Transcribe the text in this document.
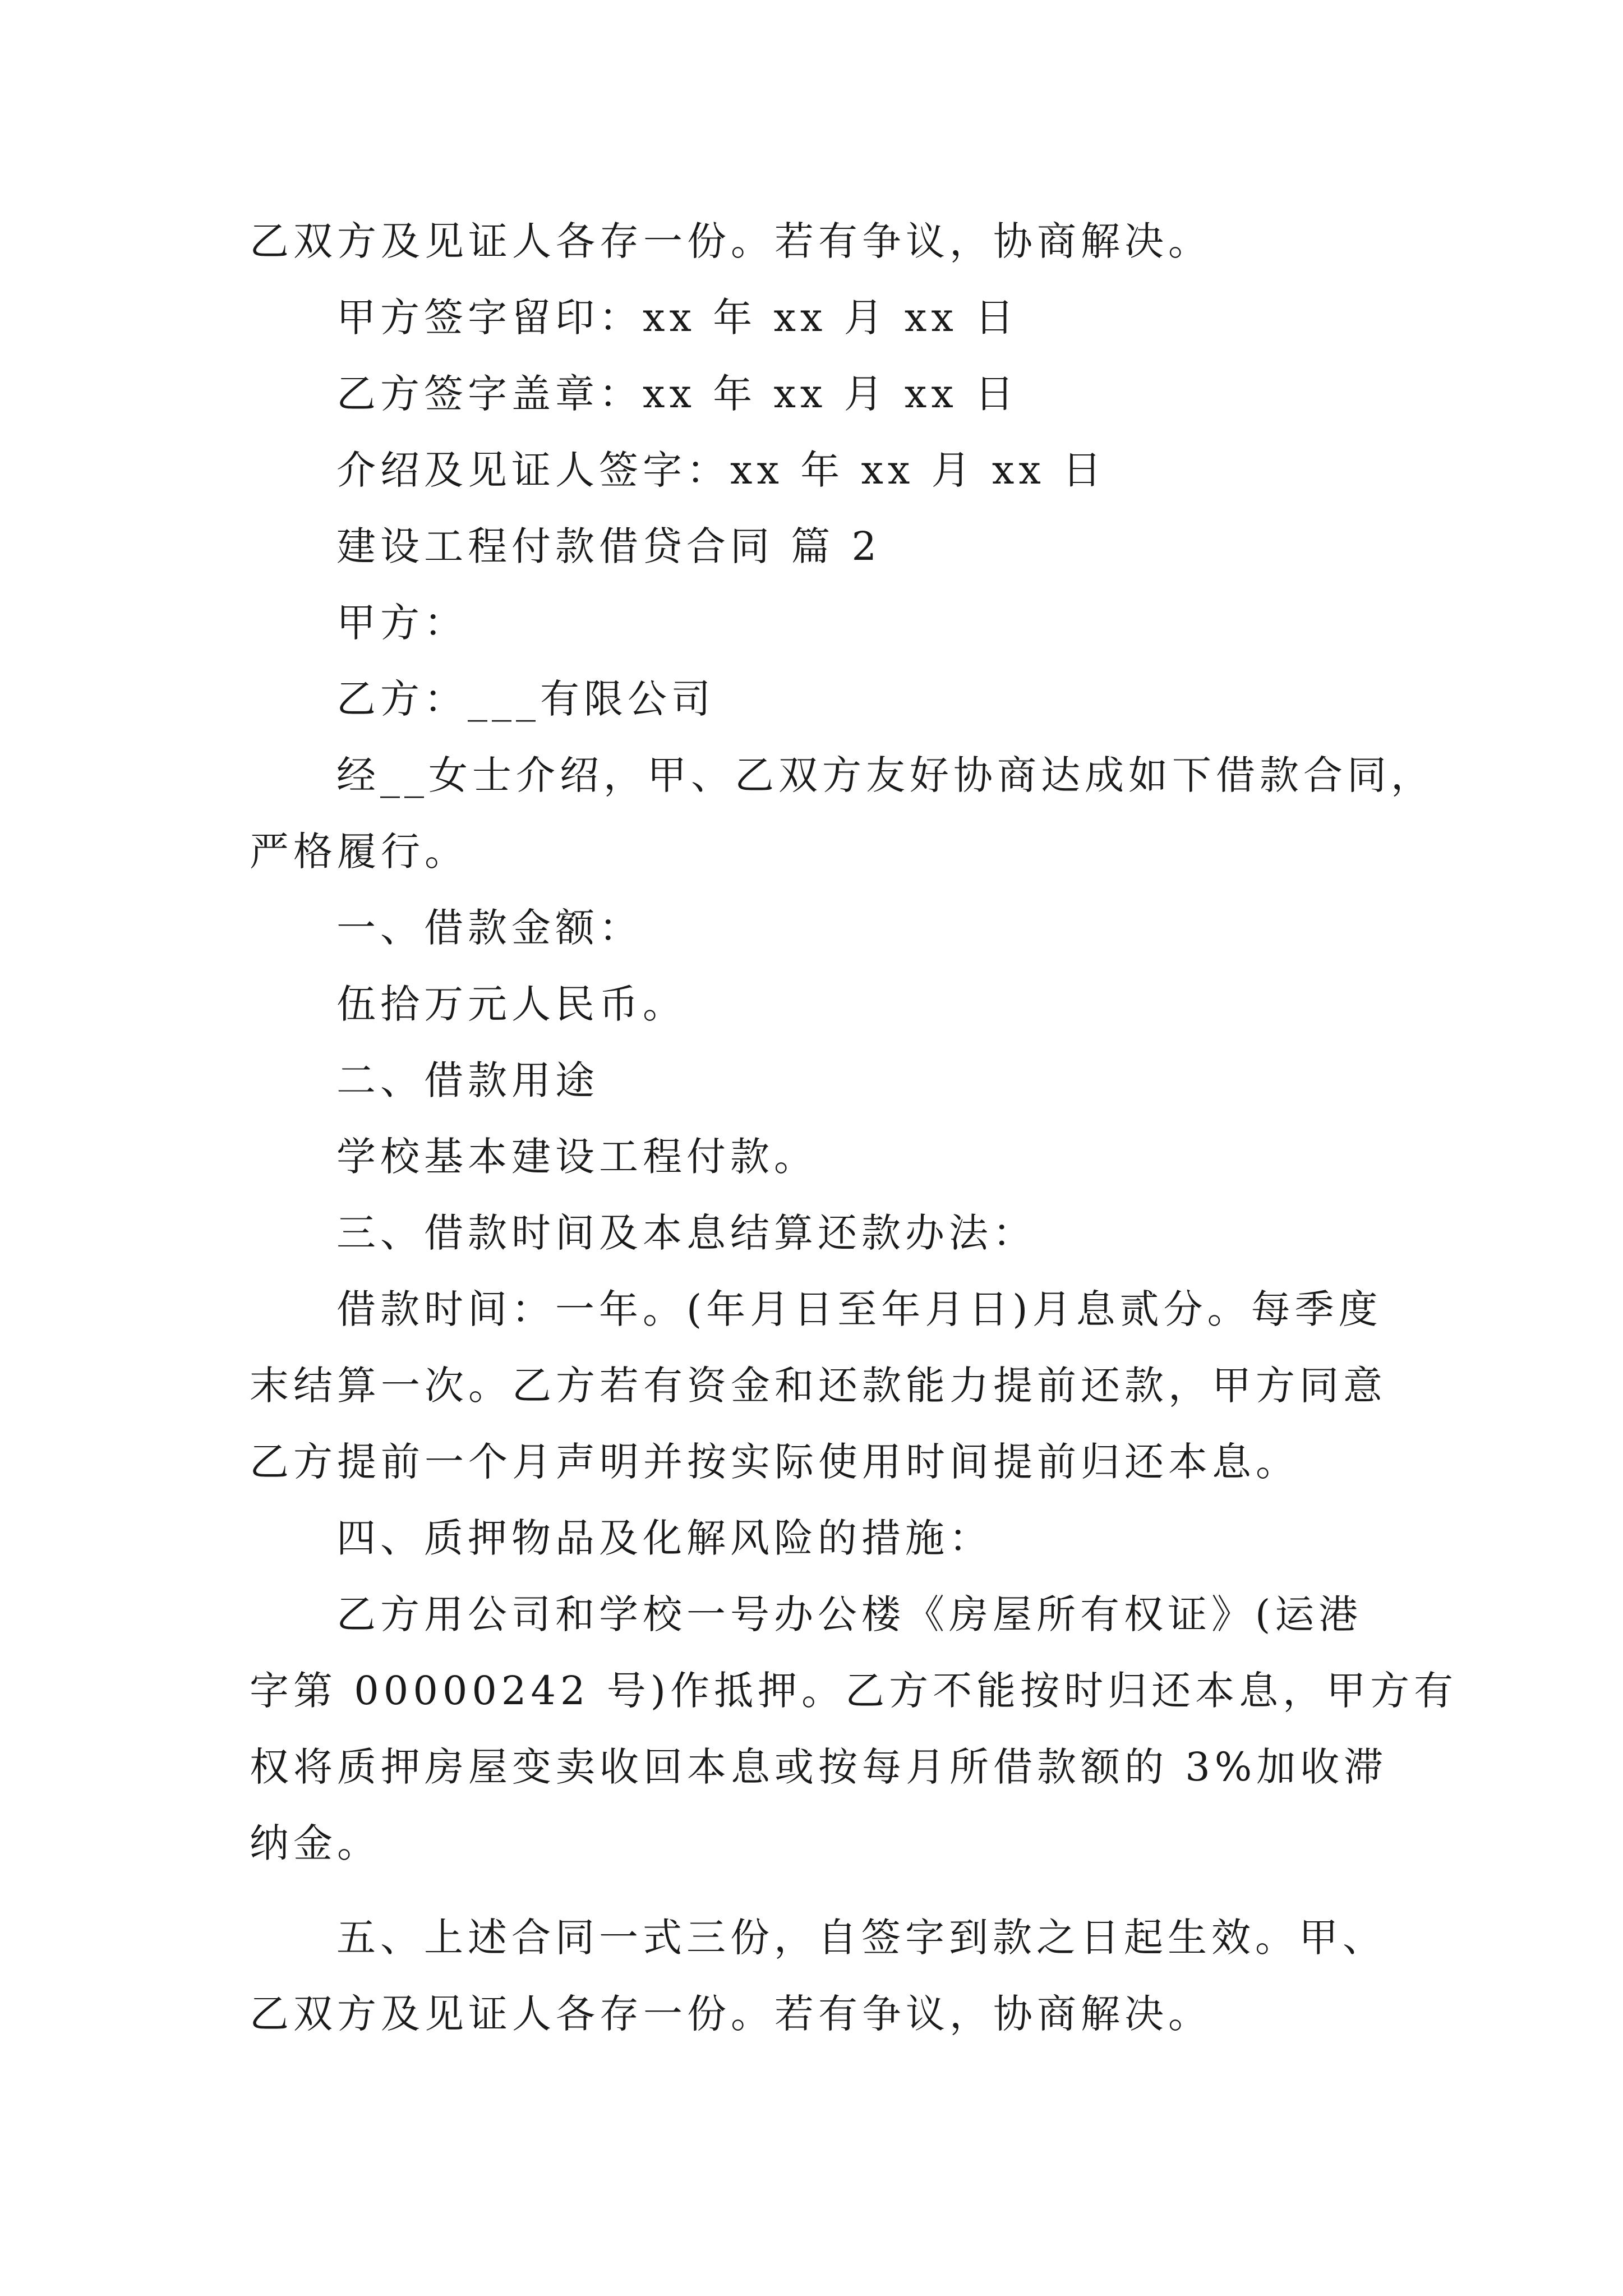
乙双方及见证人各存一份。若有争议，协商解决。
甲方签字留印：xx 年 xx 月 xx 日
乙方签字盖章：xx 年 xx 月 xx 日
介绍及见证人签字：xx 年 xx 月 xx 日
建设工程付款借贷合同 篇 2
甲方：
乙方：___有限公司
经__女士介绍，甲、乙双方友好协商达成如下借款合同，
严格履行。
一、借款金额：
伍拾万元人民币。
二、借款用途
学校基本建设工程付款。
三、借款时间及本息结算还款办法：
借款时间：一年。(年月日至年月日)月息贰分。每季度
末结算一次。乙方若有资金和还款能力提前还款，甲方同意
乙方提前一个月声明并按实际使用时间提前归还本息。
四、质押物品及化解风险的措施：
乙方用公司和学校一号办公楼《房屋所有权证》(运港
字第 00000242 号)作抵押。乙方不能按时归还本息，甲方有
权将质押房屋变卖收回本息或按每月所借款额的 3%加收滞
纳金。
五、上述合同一式三份，自签字到款之日起生效。甲、
乙双方及见证人各存一份。若有争议，协商解决。
